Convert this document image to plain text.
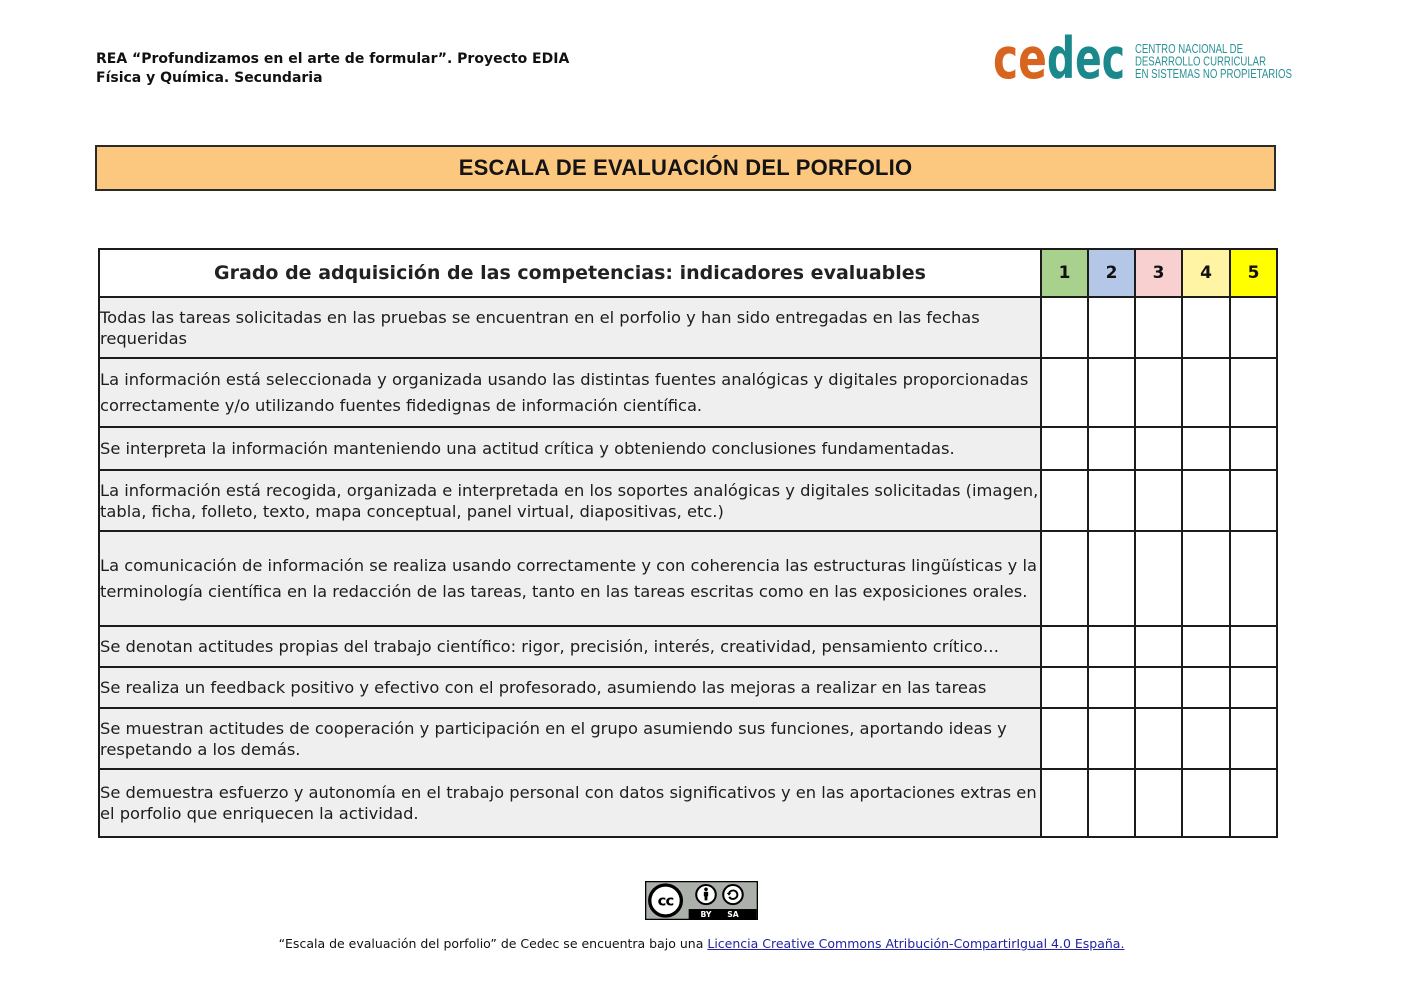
REA “Profundizamos en el arte de formular”. Proyecto EDIA
Física y Química. Secundaria	ce dec CENTRO NACIONAL DE
DESARROLLO CURRICULAR
EN SISTEMAS NO PROPIETARIOS
ESCALA DE EVALUACIÓN DEL PORFOLIO
Grado de adquisición de las competencias: indicadores evaluables	1	2	3	4	5
Todas las tareas solicitadas en las pruebas se encuentran en el porfolio y han sido entregadas en las fechas requeridas					
La información está seleccionada y organizada usando las distintas fuentes analógicas y digitales proporcionadas correctamente y/o utilizando fuentes fidedignas de información científica.					
Se interpreta la información manteniendo una actitud crítica y obteniendo conclusiones fundamentadas.					
La información está recogida, organizada e interpretada en los soportes analógicas y digitales solicitadas (imagen, tabla, ficha, folleto, texto, mapa conceptual, panel virtual, diapositivas, etc.)					
La comunicación de información se realiza usando correctamente y con coherencia las estructuras lingüísticas y la terminología científica en la redacción de las tareas, tanto en las tareas escritas como en las exposiciones orales.					
Se denotan actitudes propias del trabajo científico: rigor, precisión, interés, creatividad, pensamiento crítico…					
Se realiza un feedback positivo y efectivo con el profesorado, asumiendo las mejoras a realizar en las tareas					
Se muestran actitudes de cooperación y participación en el grupo asumiendo sus funciones, aportando ideas y respetando a los demás.					
Se demuestra esfuerzo y autonomía en el trabajo personal con datos significativos y en las aportaciones extras en el porfolio que enriquecen la actividad.					
cc
BY	SA
“Escala de evaluación del porfolio” de Cedec se encuentra bajo una Licencia Creative Commons Atribución-CompartirIgual 4.0 España.
